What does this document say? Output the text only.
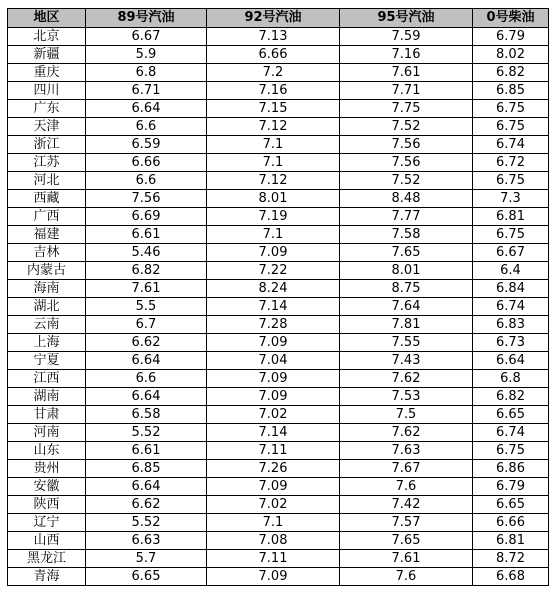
地区	89号汽油	92号汽油	95号汽油	0号柴油
北京	6.67	7.13	7.59	6.79
新疆	5.9	6.66	7.16	8.02
重庆	6.8	7.2	7.61	6.82
四川	6.71	7.16	7.71	6.85
广东	6.64	7.15	7.75	6.75
天津	6.6	7.12	7.52	6.75
浙江	6.59	7.1	7.56	6.74
江苏	6.66	7.1	7.56	6.72
河北	6.6	7.12	7.52	6.75
西藏	7.56	8.01	8.48	7.3
广西	6.69	7.19	7.77	6.81
福建	6.61	7.1	7.58	6.75
吉林	5.46	7.09	7.65	6.67
内蒙古	6.82	7.22	8.01	6.4
海南	7.61	8.24	8.75	6.84
湖北	5.5	7.14	7.64	6.74
云南	6.7	7.28	7.81	6.83
上海	6.62	7.09	7.55	6.73
宁夏	6.64	7.04	7.43	6.64
江西	6.6	7.09	7.62	6.8
湖南	6.64	7.09	7.53	6.82
甘肃	6.58	7.02	7.5	6.65
河南	5.52	7.14	7.62	6.74
山东	6.61	7.11	7.63	6.75
贵州	6.85	7.26	7.67	6.86
安徽	6.64	7.09	7.6	6.79
陕西	6.62	7.02	7.42	6.65
辽宁	5.52	7.1	7.57	6.66
山西	6.63	7.08	7.65	6.81
黑龙江	5.7	7.11	7.61	8.72
青海	6.65	7.09	7.6	6.68
